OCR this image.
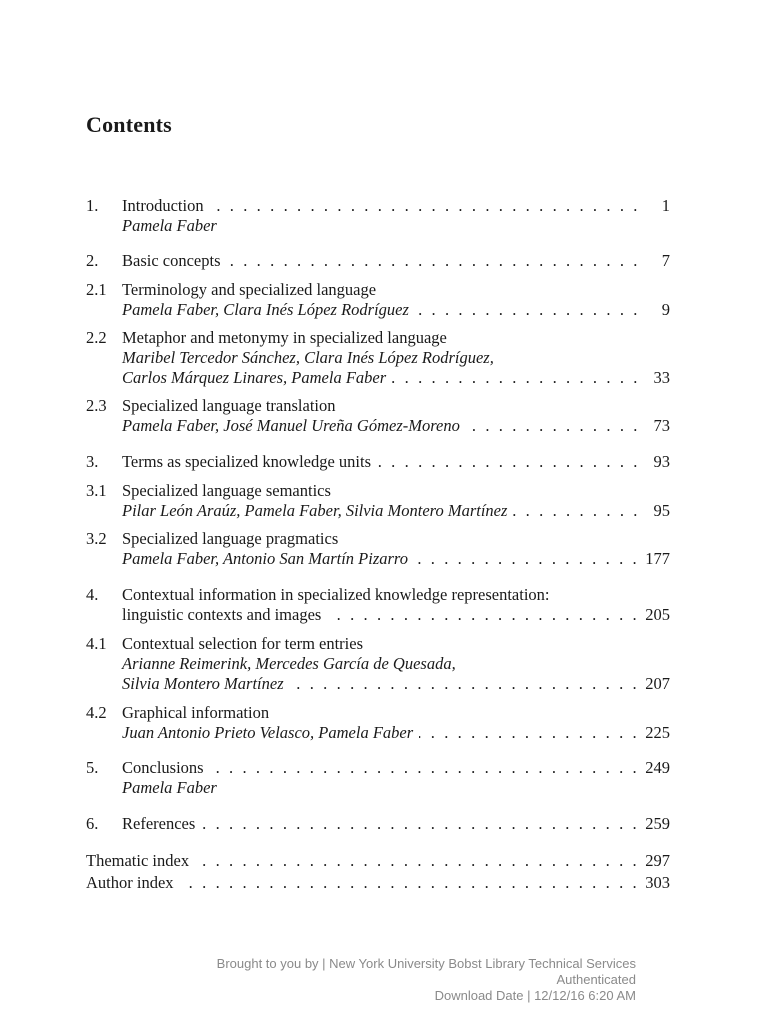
Contents
1.	Introduction . . .	1
Pamela Faber
2.	Basic concepts . . .	7
2.1 Terminology and specialized language
Pamela Faber, Clara Inés López Rodríguez . . .	9
2.2 Metaphor and metonymy in specialized language
Maribel Tercedor Sánchez, Clara Inés López Rodríguez,
Carlos Márquez Linares, Pamela Faber . . .	33
2.3 Specialized language translation
Pamela Faber, José Manuel Ureña Gómez-Moreno . . .	73
3.	Terms as specialized knowledge units . . .	93
3.1 Specialized language semantics
Pilar León Araúz, Pamela Faber, Silvia Montero Martínez . . .	95
3.2 Specialized language pragmatics
Pamela Faber, Antonio San Martín Pizarro . . .	177
4.	Contextual information in specialized knowledge representation:
linguistic contexts and images . . .	205
4.1 Contextual selection for term entries
Arianne Reimerink, Mercedes García de Quesada,
Silvia Montero Martínez . . .	207
4.2 Graphical information
Juan Antonio Prieto Velasco, Pamela Faber . . .	225
5.	Conclusions . . .	249
Pamela Faber
6.	References . . .	259
Thematic index . . .	297
Author index . . .	303
Brought to you by | New York University Bobst Library Technical Services
Authenticated
Download Date | 12/12/16 6:20 AM
